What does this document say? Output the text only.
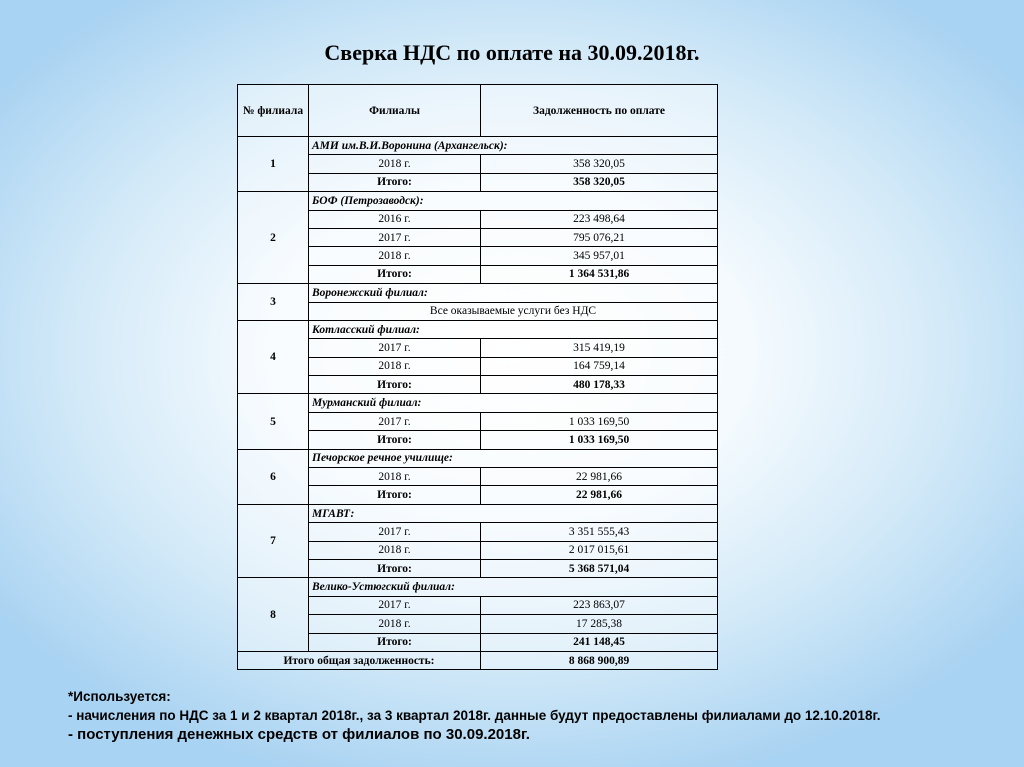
Сверка НДС по оплате на 30.09.2018г.
№ филиала	Филиалы	Задолженность по оплате
1	АМИ им.В.И.Воронина (Архангельск):	
	2018 г.	358 320,05
	Итого:	358 320,05
2	БОФ (Петрозаводск):	
	2016 г.	223 498,64
	2017 г.	795 076,21
	2018 г.	345 957,01
	Итого:	1 364 531,86
3	Воронежский филиал:	
	Все оказываемые услуги без НДС	
4	Котласский филиал:	
	2017 г.	315 419,19
	2018 г.	164 759,14
	Итого:	480 178,33
5	Мурманский филиал:	
	2017 г.	1 033 169,50
	Итого:	1 033 169,50
6	Печорское речное училище:	
	2018 г.	22 981,66
	Итого:	22 981,66
7	МГАВТ:	
	2017 г.	3 351 555,43
	2018 г.	2 017 015,61
	Итого:	5 368 571,04
8	Велико-Устюгский филиал:	
	2017 г.	223 863,07
	2018 г.	17 285,38
	Итого:	241 148,45
Итого общая задолженность:		8 868 900,89
*Используется:
- начисления по НДС за 1 и 2 квартал 2018г., за 3 квартал 2018г. данные будут предоставлены филиалами до 12.10.2018г.
- поступления денежных средств от филиалов по 30.09.2018г.
